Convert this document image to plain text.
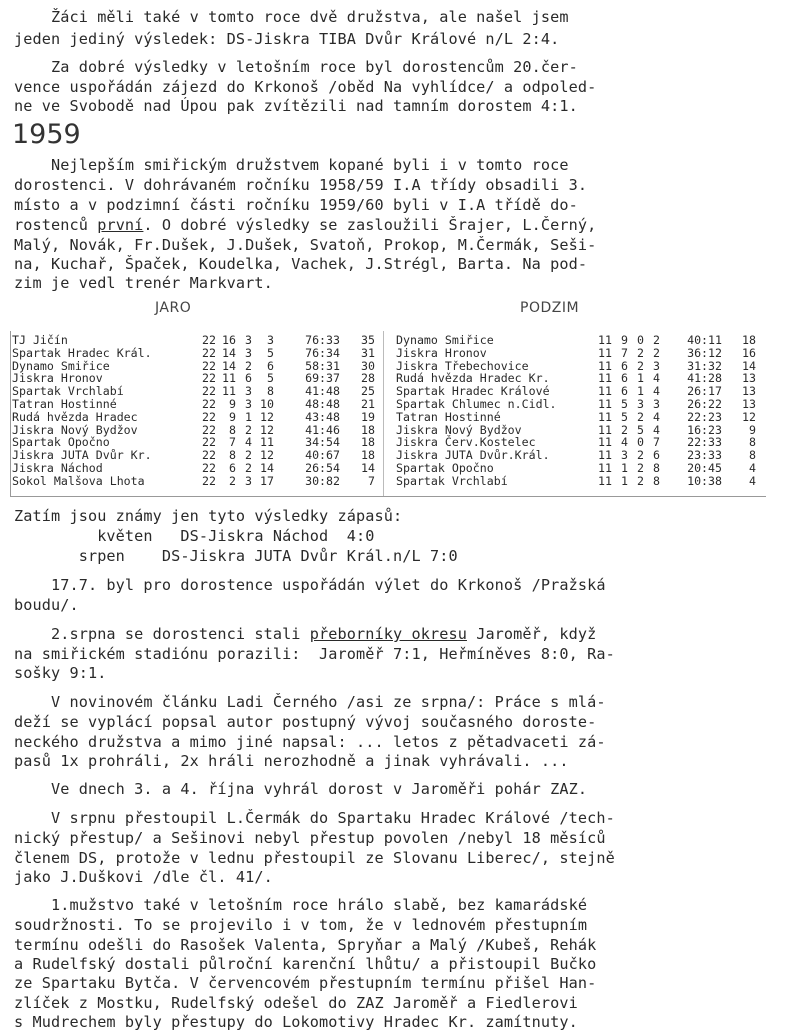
Žáci měli také v tomto roce dvě družstva, ale našel jsem
jeden jediný výsledek: DS-Jiskra TIBA Dvůr Králové n/L 2:4.
Za dobré výsledky v letošním roce byl dorostencům 20.čer-
vence uspořádán zájezd do Krkonoš /oběd Na vyhlídce/ a odpoled-
ne ve Svobodě nad Úpou pak zvítězili nad tamním dorostem 4:1.
1959
Nejlepším smiřickým družstvem kopané byli i v tomto roce
dorostenci. V dohrávaném ročníku 1958/59 I.A třídy obsadili 3.
místo a v podzimní části ročníku 1959/60 byli v I.A třídě do-
rostenců první. O dobré výsledky se zasloužili Šrajer, L.Černý,
Malý, Novák, Fr.Dušek, J.Dušek, Svatoň, Prokop, M.Čermák, Seši-
na, Kuchař, Špaček, Koudelka, Vachek, J.Strégl, Barta. Na pod-
zim je vedl trenér Markvart.
JARO	PODZIM
TJ Jičín	22 16 3	3	76:33	35
Spartak Hradec Král.	22 14 3	5	76:34	31
Dynamo Smiřice	22 14 2	6	58:31	30
Jiskra Hronov	22 11 6	5	69:37	28
Spartak Vrchlabí	22 11 3	8	41:48	25
Tatran Hostinné	22	9 3 10	48:48	21
Rudá hvězda Hradec	22	9 1 12	43:48	19
Jiskra Nový Bydžov	22	8 2 12	41:46	18
Spartak Opočno	22	7 4 11	34:54	18
Jiskra JUTA Dvůr Kr.	22	8 2 12	40:67	18
Jiskra Náchod	22	6 2 14	26:54	14
Sokol Malšova Lhota	22	2 3 17	30:82	7
Dynamo Smiřice	11 9 0 2	40:11	18
Jiskra Hronov	11 7 2 2	36:12	16
Jiskra Třebechovice	11 6 2 3	31:32	14
Rudá hvězda Hradec Kr.	11 6 1 4	41:28	13
Spartak Hradec Králové	11 6 1 4	26:17	13
Spartak Chlumec n.Cidl.	11 5 3 3	26:22	13
Tatran Hostinné	11 5 2 4	22:23	12
Jiskra Nový Bydžov	11 2 5 4	16:23	9
Jiskra Červ.Kostelec	11 4 0 7	22:33	8
Jiskra JUTA Dvůr.Král.	11 3 2 6	23:33	8
Spartak Opočno	11 1 2 8	20:45	4
Spartak Vrchlabí	11 1 2 8	10:38	4
Zatím jsou známy jen tyto výsledky zápasů:
květen   DS-Jiskra Náchod  4:0
srpen    DS-Jiskra JUTA Dvůr Král.n/L 7:0
17.7. byl pro dorostence uspořádán výlet do Krkonoš /Pražská
boudu/.
2.srpna se dorostenci stali přeborníky okresu Jaroměř, když
na smiřickém stadiónu porazili:  Jaroměř 7:1, Heřmíněves 8:0, Ra-
sošky 9:1.
V novinovém článku Ladi Černého /asi ze srpna/: Práce s mlá-
deží se vyplácí popsal autor postupný vývoj současného doroste-
neckého družstva a mimo jiné napsal: ... letos z pětadvaceti zá-
pasů 1x prohráli, 2x hráli nerozhodně a jinak vyhrávali. ...
Ve dnech 3. a 4. října vyhrál dorost v Jaroměři pohár ZAZ.
V srpnu přestoupil L.Čermák do Spartaku Hradec Králové /tech-
nický přestup/ a Sešinovi nebyl přestup povolen /nebyl 18 měsíců
členem DS, protože v lednu přestoupil ze Slovanu Liberec/, stejně
jako J.Duškovi /dle čl. 41/.
1.mužstvo také v letošním roce hrálo slabě, bez kamarádské
soudržnosti. To se projevilo i v tom, že v lednovém přestupním
termínu odešli do Rasošek Valenta, Spryňar a Malý /Kubeš, Rehák
a Rudelfský dostali půlroční karenční lhůtu/ a přistoupil Bučko
ze Spartaku Bytča. V červencovém přestupním termínu přišel Han-
zlíček z Mostku, Rudelfský odešel do ZAZ Jaroměř a Fiedlerovi
s Mudrechem byly přestupy do Lokomotivy Hradec Kr. zamítnuty.
